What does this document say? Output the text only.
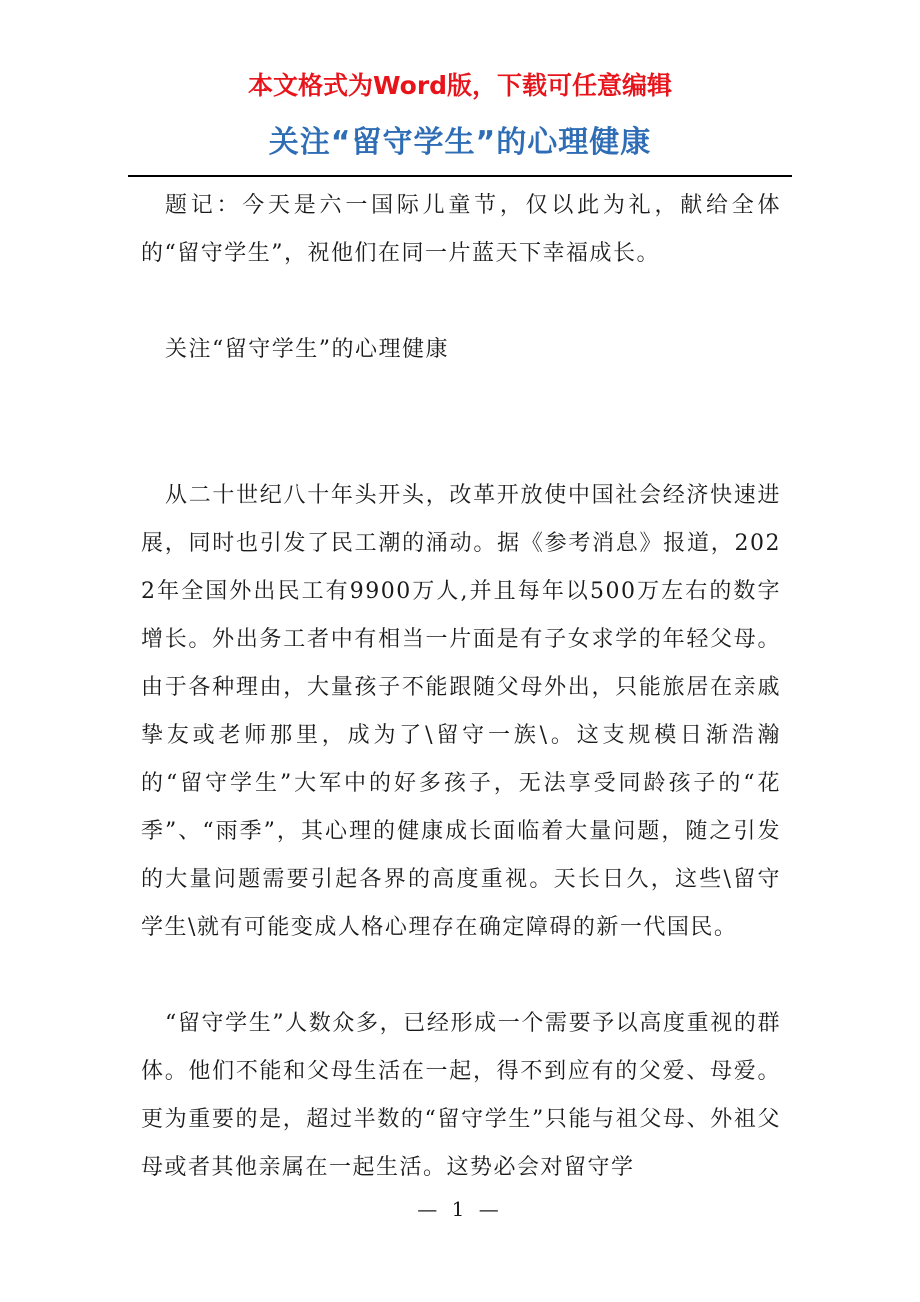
本文格式为Word版，下载可任意编辑
关注“留守学生”的心理健康

题记：今天是六一国际儿童节，仅以此为礼，献给全体的“留守学生”，祝他们在同一片蓝天下幸福成长。

关注“留守学生”的心理健康

从二十世纪八十年头开头，改革开放使中国社会经济快速进展，同时也引发了民工潮的涌动。据《参考消息》报道，2022年全国外出民工有9900万人,并且每年以500万左右的数字增长。外出务工者中有相当一片面是有子女求学的年轻父母。由于各种理由，大量孩子不能跟随父母外出，只能旅居在亲戚挚友或老师那里，成为了\留守一族\。这支规模日渐浩瀚的“留守学生”大军中的好多孩子，无法享受同龄孩子的“花季”、“雨季”，其心理的健康成长面临着大量问题，随之引发的大量问题需要引起各界的高度重视。天长日久，这些\留守学生\就有可能变成人格心理存在确定障碍的新一代国民。

“留守学生”人数众多，已经形成一个需要予以高度重视的群体。他们不能和父母生活在一起，得不到应有的父爱、母爱。更为重要的是，超过半数的“留守学生”只能与祖父母、外祖父母或者其他亲属在一起生活。这势必会对留守学

— 1 —
